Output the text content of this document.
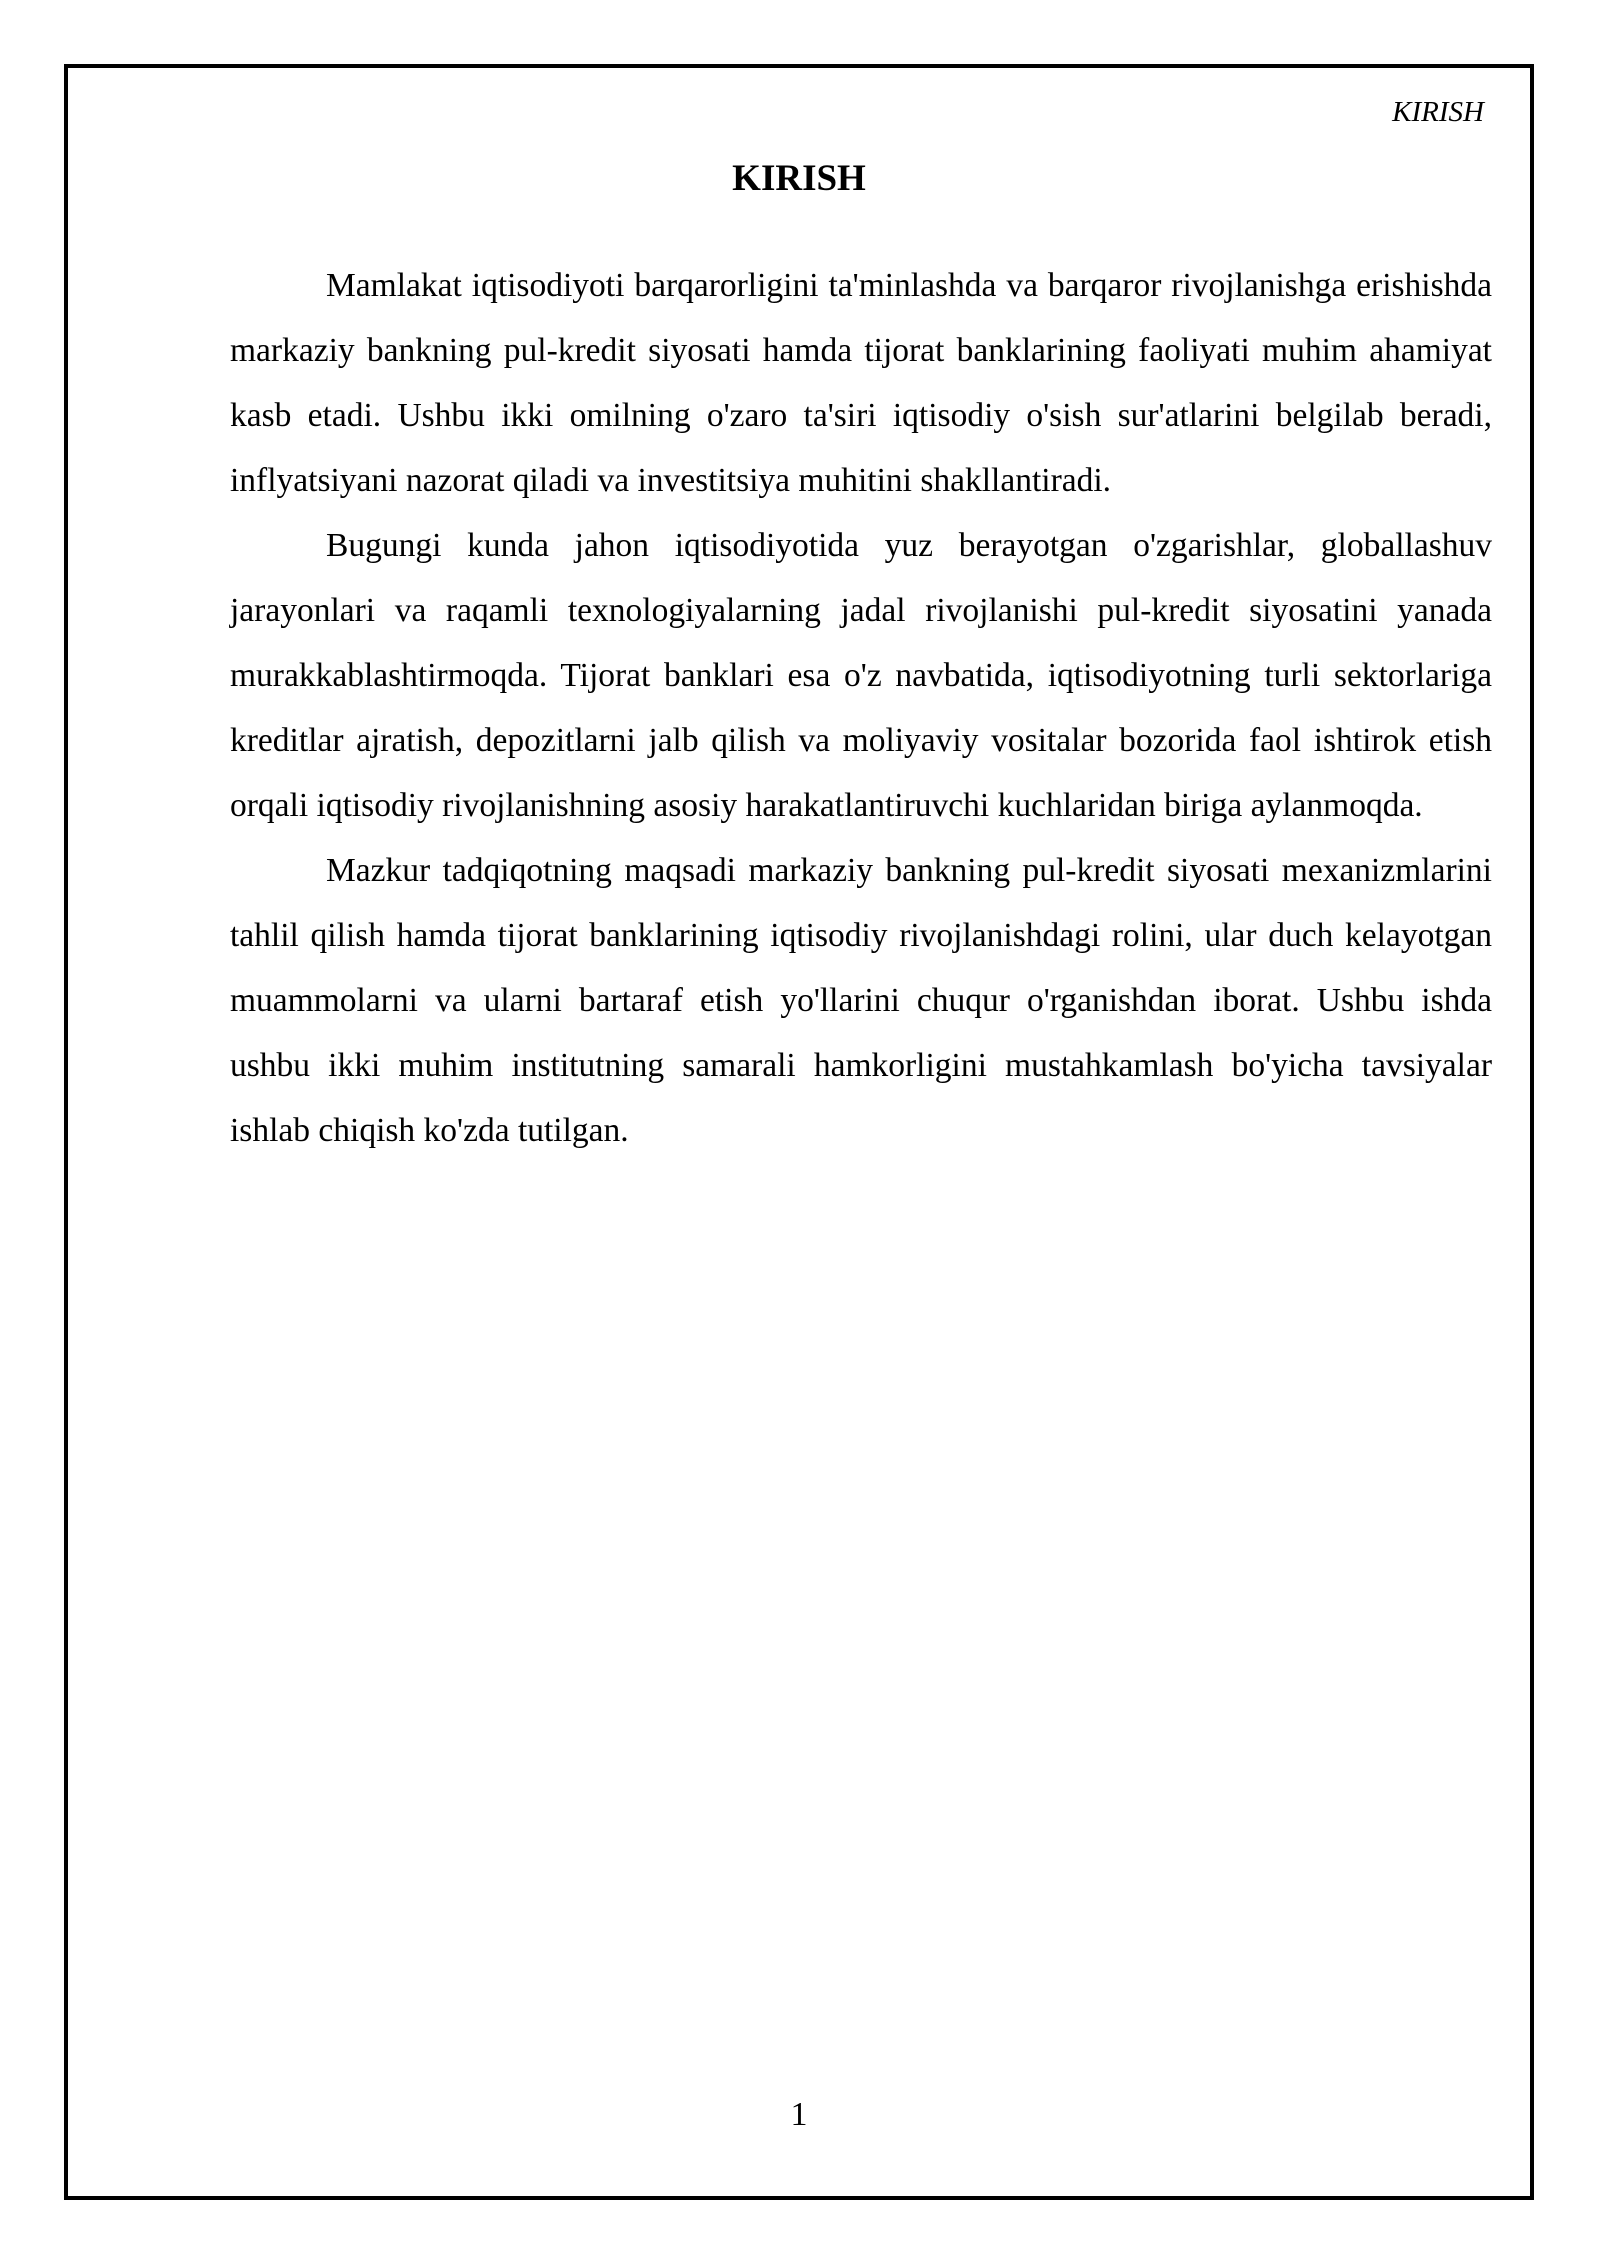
KIRISH
KIRISH

Mamlakat iqtisodiyoti barqarorligini ta'minlashda va barqaror rivojlanishga erishishda markaziy bankning pul-kredit siyosati hamda tijorat banklarining faoliyati muhim ahamiyat kasb etadi. Ushbu ikki omilning o'zaro ta'siri iqtisodiy o'sish sur'atlarini belgilab beradi, inflyatsiyani nazorat qiladi va investitsiya muhitini shakllantiradi.

Bugungi kunda jahon iqtisodiyotida yuz berayotgan o'zgarishlar, globallashuv jarayonlari va raqamli texnologiyalarning jadal rivojlanishi pul-kredit siyosatini yanada murakkablashtirmoqda. Tijorat banklari esa o'z navbatida, iqtisodiyotning turli sektorlariga kreditlar ajratish, depozitlarni jalb qilish va moliyaviy vositalar bozorida faol ishtirok etish orqali iqtisodiy rivojlanishning asosiy harakatlantiruvchi kuchlaridan biriga aylanmoqda.

Mazkur tadqiqotning maqsadi markaziy bankning pul-kredit siyosati mexanizmlarini tahlil qilish hamda tijorat banklarining iqtisodiy rivojlanishdagi rolini, ular duch kelayotgan muammolarni va ularni bartaraf etish yo'llarini chuqur o'rganishdan iborat. Ushbu ishda ushbu ikki muhim institutning samarali hamkorligini mustahkamlash bo'yicha tavsiyalar ishlab chiqish ko'zda tutilgan.

1
